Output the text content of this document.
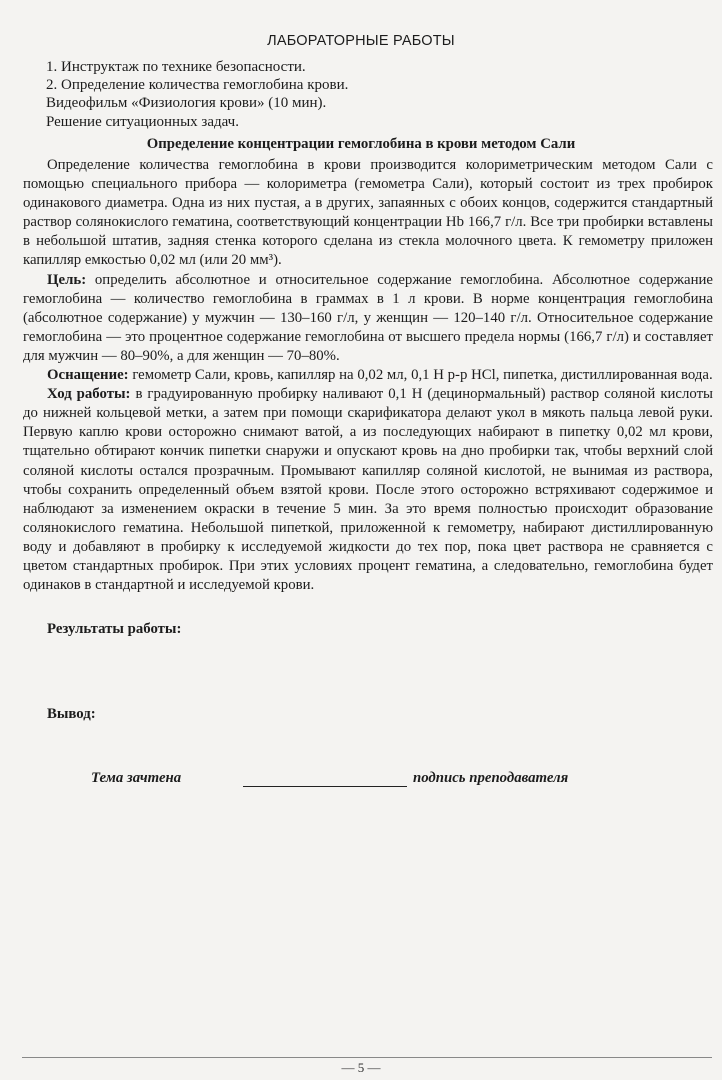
ЛАБОРАТОРНЫЕ РАБОТЫ
1. Инструктаж по технике безопасности.
2. Определение количества гемоглобина крови.
Видеофильм «Физиология крови» (10 мин).
Решение ситуационных задач.
Определение концентрации гемоглобина в крови методом Сали

Определение количества гемоглобина в крови производится колориметрическим методом Сали с помощью специального прибора — колориметра (гемометра Сали), который состоит из трех пробирок одинакового диаметра. Одна из них пустая, а в других, запаянных с обоих концов, содержится стандартный раствор солянокислого гематина, соответствующий концентрации Hb 166,7 г/л. Все три пробирки вставлены в небольшой штатив, задняя стенка которого сделана из стекла молочного цвета. К гемометру приложен капилляр емкостью 0,02 мл (или 20 мм³).

Цель: определить абсолютное и относительное содержание гемоглобина. Абсолютное содержание гемоглобина — количество гемоглобина в граммах в 1 л крови. В норме концентрация гемоглобина (абсолютное содержание) у мужчин — 130–160 г/л, у женщин — 120–140 г/л. Относительное содержание гемоглобина — это процентное содержание гемоглобина от высшего предела нормы (166,7 г/л) и составляет для мужчин — 80–90%, а для женщин — 70–80%.

Оснащение: гемометр Сали, кровь, капилляр на 0,02 мл, 0,1 Н р-р HCl, пипетка, дистиллированная вода.

Ход работы: в градуированную пробирку наливают 0,1 Н (децинормальный) раствор соляной кислоты до нижней кольцевой метки, а затем при помощи скарификатора делают укол в мякоть пальца левой руки. Первую каплю крови осторожно снимают ватой, а из последующих набирают в пипетку 0,02 мл крови, тщательно обтирают кончик пипетки снаружи и опускают кровь на дно пробирки так, чтобы верхний слой соляной кислоты остался прозрачным. Промывают капилляр соляной кислотой, не вынимая из раствора, чтобы сохранить определенный объем взятой крови. После этого осторожно встряхивают содержимое и наблюдают за изменением окраски в течение 5 мин. За это время полностью происходит образование солянокислого гематина. Небольшой пипеткой, приложенной к гемометру, набирают дистиллированную воду и добавляют в пробирку к исследуемой жидкости до тех пор, пока цвет раствора не сравняется с цветом стандартных пробирок. При этих условиях процент гематина, а следовательно, гемоглобина будет одинаков в стандартной и исследуемой крови.

Результаты работы:
Вывод:
Тема зачтена	подпись преподавателя
— 5 —
